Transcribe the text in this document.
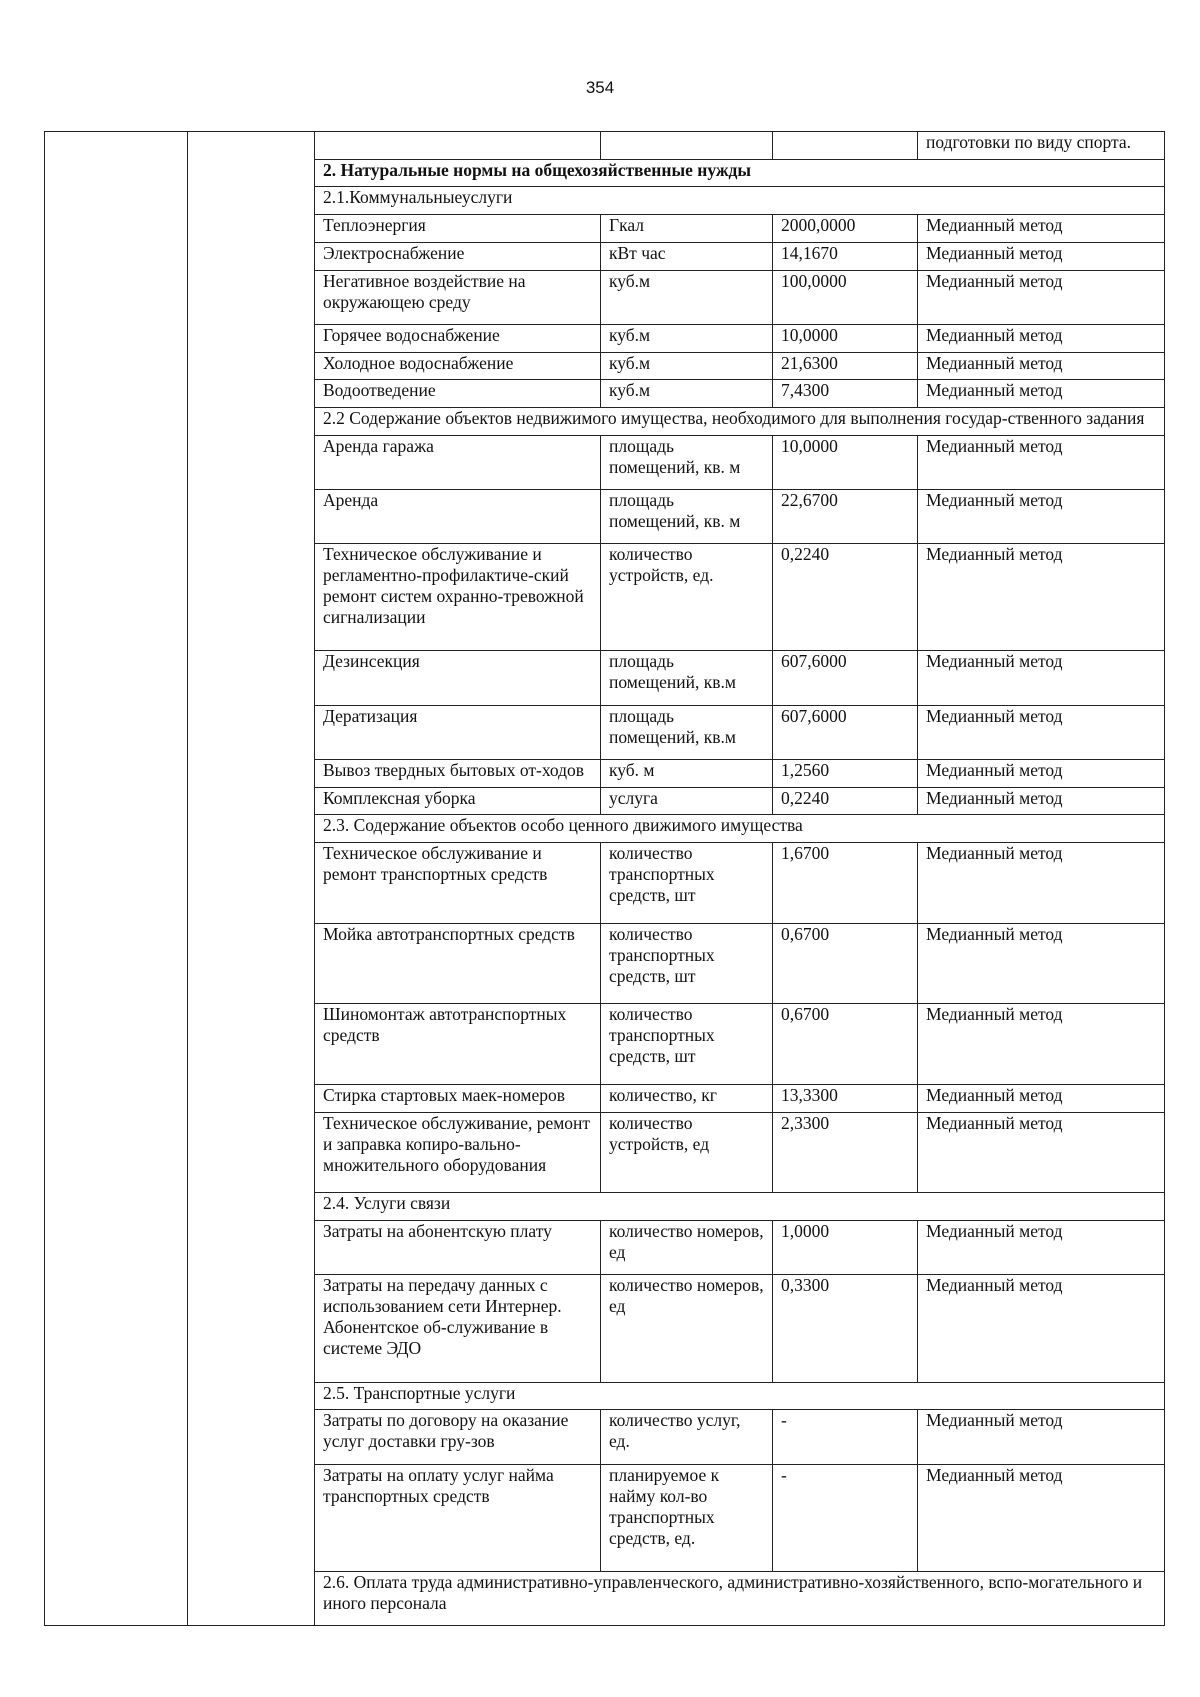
354
					подготовки по виду спорта.
		2. Натуральные нормы на общехозяйственные нужды			
		2.1.Коммунальныеуслуги			
		Теплоэнергия	Гкал	2000,0000	Медианный метод
		Электроснабжение	кВт час	14,1670	Медианный метод
		Негативное воздействие на окружающею среду	куб.м	100,0000	Медианный метод
		Горячее водоснабжение	куб.м	10,0000	Медианный метод
		Холодное водоснабжение	куб.м	21,6300	Медианный метод
		Водоотведение	куб.м	7,4300	Медианный метод
		2.2 Содержание объектов недвижимого имущества, необходимого для выполнения государ-ственного задания			
		Аренда гаража	площадь помещений, кв. м	10,0000	Медианный метод
		Аренда	площадь помещений, кв. м	22,6700	Медианный метод
		Техническое обслуживание и регламентно-профилактиче-ский ремонт систем охранно-тревожной сигнализации	количество устройств, ед.	0,2240	Медианный метод
		Дезинсекция	площадь помещений, кв.м	607,6000	Медианный метод
		Дератизация	площадь помещений, кв.м	607,6000	Медианный метод
		Вывоз твердных бытовых от-ходов	куб. м	1,2560	Медианный метод
		Комплексная уборка	услуга	0,2240	Медианный метод
		2.3. Содержание объектов особо ценного движимого имущества			
		Техническое обслуживание и ремонт транспортных средств	количество транспортных средств, шт	1,6700	Медианный метод
		Мойка автотранспортных средств	количество транспортных средств, шт	0,6700	Медианный метод
		Шиномонтаж автотранспортных средств	количество транспортных средств, шт	0,6700	Медианный метод
		Стирка стартовых маек-номеров	количество, кг	13,3300	Медианный метод
		Техническое обслуживание, ремонт и заправка копиро-вально-множительного оборудования	количество устройств, ед	2,3300	Медианный метод
		2.4. Услуги связи			
		Затраты на абонентскую плату	количество номеров, ед	1,0000	Медианный метод
		Затраты на передачу данных с использованием сети Интернер. Абонентское об-служивание в системе ЭДО	количество номеров, ед	0,3300	Медианный метод
		2.5. Транспортные услуги			
		Затраты по договору на оказание услуг доставки гру-зов	количество услуг, ед.	-	Медианный метод
		Затраты на оплату услуг найма транспортных средств	планируемое к найму кол-во транспортных средств, ед.	-	Медианный метод
		2.6. Оплата труда административно-управленческого, административно-хозяйственного, вспо-могательного и иного персонала			
